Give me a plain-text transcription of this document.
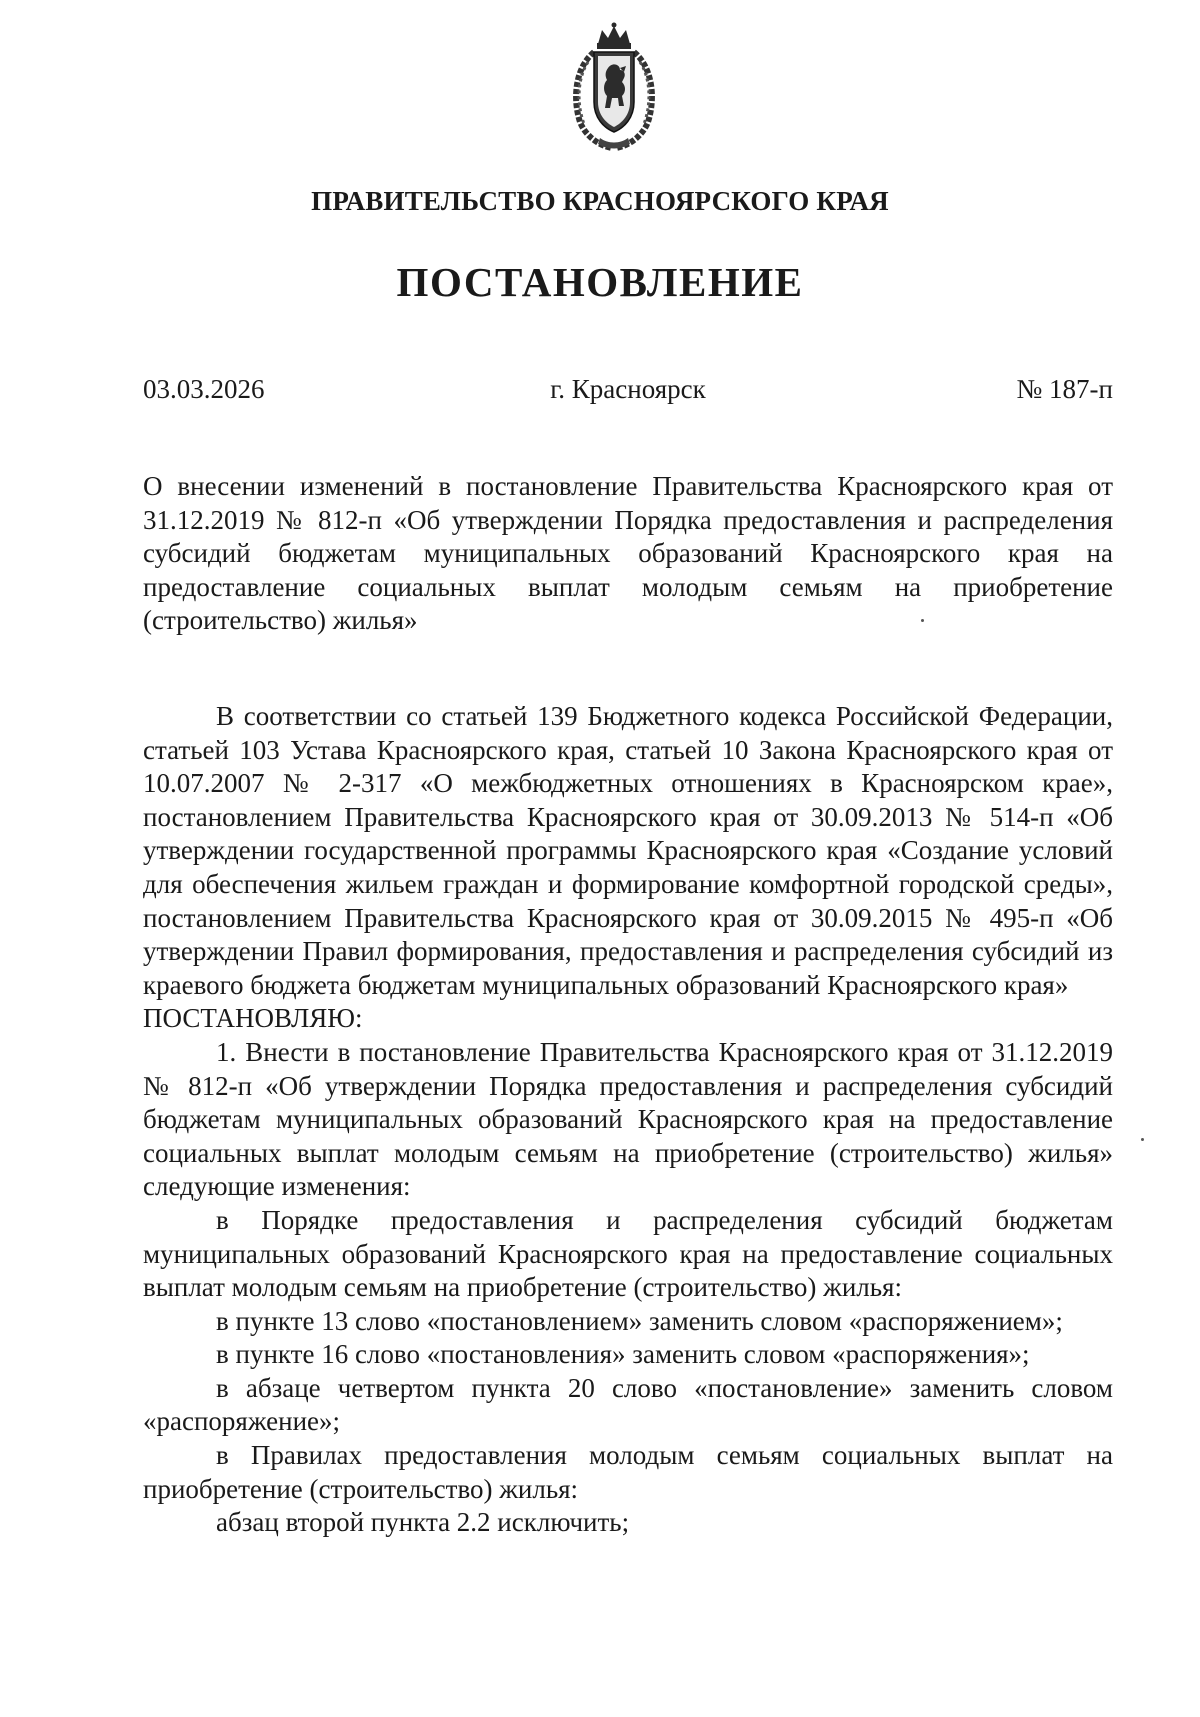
ПРАВИТЕЛЬСТВО КРАСНОЯРСКОГО КРАЯ
ПОСТАНОВЛЕНИЕ
03.03.2026	г. Красноярск	№ 187-п
О внесении изменений в постановление Правительства Красноярского края от 31.12.2019 № 812-п «Об утверждении Порядка предоставления и распределения субсидий бюджетам муниципальных образований Красноярского края на предоставление социальных выплат молодым семьям на приобретение (строительство) жилья»

В соответствии со статьей 139 Бюджетного кодекса Российской Федерации, статьей 103 Устава Красноярского края, статьей 10 Закона Красноярского края от 10.07.2007 № 2-317 «О межбюджетных отношениях в Красноярском крае», постановлением Правительства Красноярского края от 30.09.2013 № 514-п «Об утверждении государственной программы Красноярского края «Создание условий для обеспечения жильем граждан и формирование комфортной городской среды», постановлением Правительства Красноярского края от 30.09.2015 № 495-п «Об утверждении Правил формирования, предоставления и распределения субсидий из краевого бюджета бюджетам муниципальных образований Красноярского края»

ПОСТАНОВЛЯЮ:

1. Внести в постановление Правительства Красноярского края от 31.12.2019 № 812-п «Об утверждении Порядка предоставления и распределения субсидий бюджетам муниципальных образований Красноярского края на предоставление социальных выплат молодым семьям на приобретение (строительство) жилья» следующие изменения:

в Порядке предоставления и распределения субсидий бюджетам муниципальных образований Красноярского края на предоставление социальных выплат молодым семьям на приобретение (строительство) жилья:

в пункте 13 слово «постановлением» заменить словом «распоряжением»;

в пункте 16 слово «постановления» заменить словом «распоряжения»;

в абзаце четвертом пункта 20 слово «постановление» заменить словом «распоряжение»;

в Правилах предоставления молодым семьям социальных выплат на приобретение (строительство) жилья:

абзац второй пункта 2.2 исключить;
